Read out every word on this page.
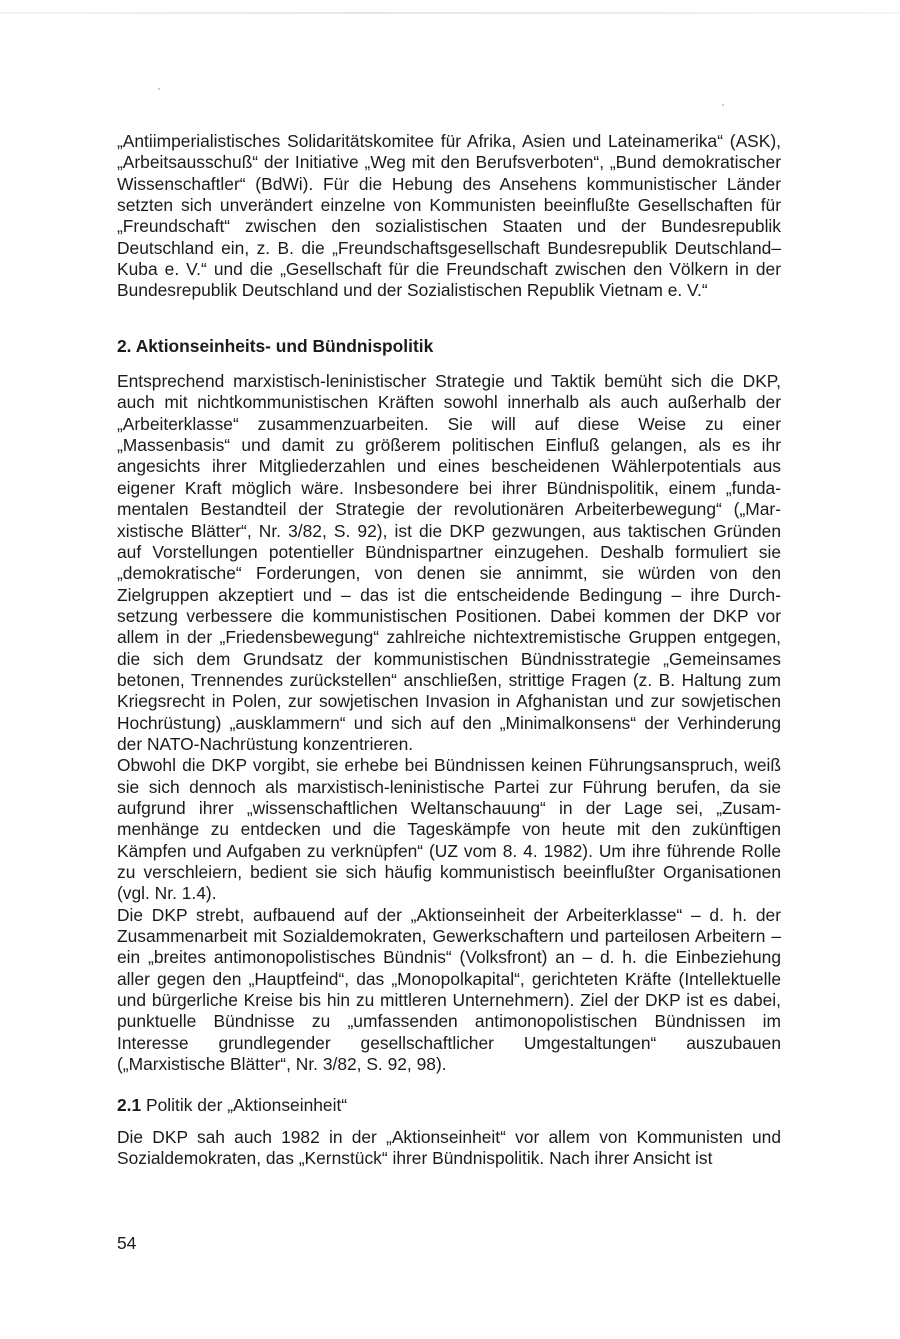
„Antiimperialistisches Solidaritätskomitee für Afrika, Asien und Lateinamerika“ (ASK), „Arbeitsausschuß“ der Initiative „Weg mit den Berufsverboten“, „Bund demokratischer Wissenschaftler“ (BdWi). Für die Hebung des Ansehens kommunistischer Länder setzten sich unverändert einzelne von Kommunisten beeinflußte Gesellschaften für „Freundschaft“ zwischen den sozialistischen Staaten und der Bundesrepublik Deutschland ein, z. B. die „Freundschaftsgesellschaft Bundesrepublik Deutschland–Kuba e. V.“ und die „Gesellschaft für die Freundschaft zwischen den Völkern in der Bundesrepublik Deutschland und der Sozialistischen Republik Vietnam e. V.“

2. Aktionseinheits- und Bündnispolitik

Entsprechend marxistisch-leninistischer Strategie und Taktik bemüht sich die DKP, auch mit nichtkommunistischen Kräften sowohl innerhalb als auch außerhalb der „Arbeiterklasse“ zusammenzuarbeiten. Sie will auf diese Weise zu einer „Massenbasis“ und damit zu größerem politischen Einfluß gelangen, als es ihr angesichts ihrer Mitgliederzahlen und eines bescheidenen Wählerpotentials aus eigener Kraft möglich wäre. Insbesondere bei ihrer Bündnispolitik, einem „fundamentalen Bestandteil der Strategie der revolutionären Arbeiterbewegung“ („Marxistische Blätter“, Nr. 3/82, S. 92), ist die DKP gezwungen, aus taktischen Gründen auf Vorstellungen potentieller Bündnispartner einzugehen. Deshalb formuliert sie „demokratische“ Forderungen, von denen sie annimmt, sie würden von den Zielgruppen akzeptiert und – das ist die entscheidende Bedingung – ihre Durchsetzung verbessere die kommunistischen Positionen. Dabei kommen der DKP vor allem in der „Friedensbewegung“ zahlreiche nichtextremistische Gruppen entgegen, die sich dem Grundsatz der kommunistischen Bündnisstrategie „Gemeinsames betonen, Trennendes zurückstellen“ anschließen, strittige Fragen (z. B. Haltung zum Kriegsrecht in Polen, zur sowjetischen Invasion in Afghanistan und zur sowjetischen Hochrüstung) „ausklammern“ und sich auf den „Minimalkonsens“ der Verhinderung der NATO-Nachrüstung konzentrieren.

Obwohl die DKP vorgibt, sie erhebe bei Bündnissen keinen Führungsanspruch, weiß sie sich dennoch als marxistisch-leninistische Partei zur Führung berufen, da sie aufgrund ihrer „wissenschaftlichen Weltanschauung“ in der Lage sei, „Zusammenhänge zu entdecken und die Tageskämpfe von heute mit den zukünftigen Kämpfen und Aufgaben zu verknüpfen“ (UZ vom 8. 4. 1982). Um ihre führende Rolle zu verschleiern, bedient sie sich häufig kommunistisch beeinflußter Organisationen (vgl. Nr. 1.4).

Die DKP strebt, aufbauend auf der „Aktionseinheit der Arbeiterklasse“ – d. h. der Zusammenarbeit mit Sozialdemokraten, Gewerkschaftern und parteilosen Arbeitern – ein „breites antimonopolistisches Bündnis“ (Volksfront) an – d. h. die Einbeziehung aller gegen den „Hauptfeind“, das „Monopolkapital“, gerichteten Kräfte (Intellektuelle und bürgerliche Kreise bis hin zu mittleren Unternehmern). Ziel der DKP ist es dabei, punktuelle Bündnisse zu „umfassenden antimonopolistischen Bündnissen im Interesse grundlegender gesellschaftlicher Umgestaltungen“ auszubauen („Marxistische Blätter“, Nr. 3/82, S. 92, 98).

2.1 Politik der „Aktionseinheit“

Die DKP sah auch 1982 in der „Aktionseinheit“ vor allem von Kommunisten und Sozialdemokraten, das „Kernstück“ ihrer Bündnispolitik. Nach ihrer Ansicht ist

54
